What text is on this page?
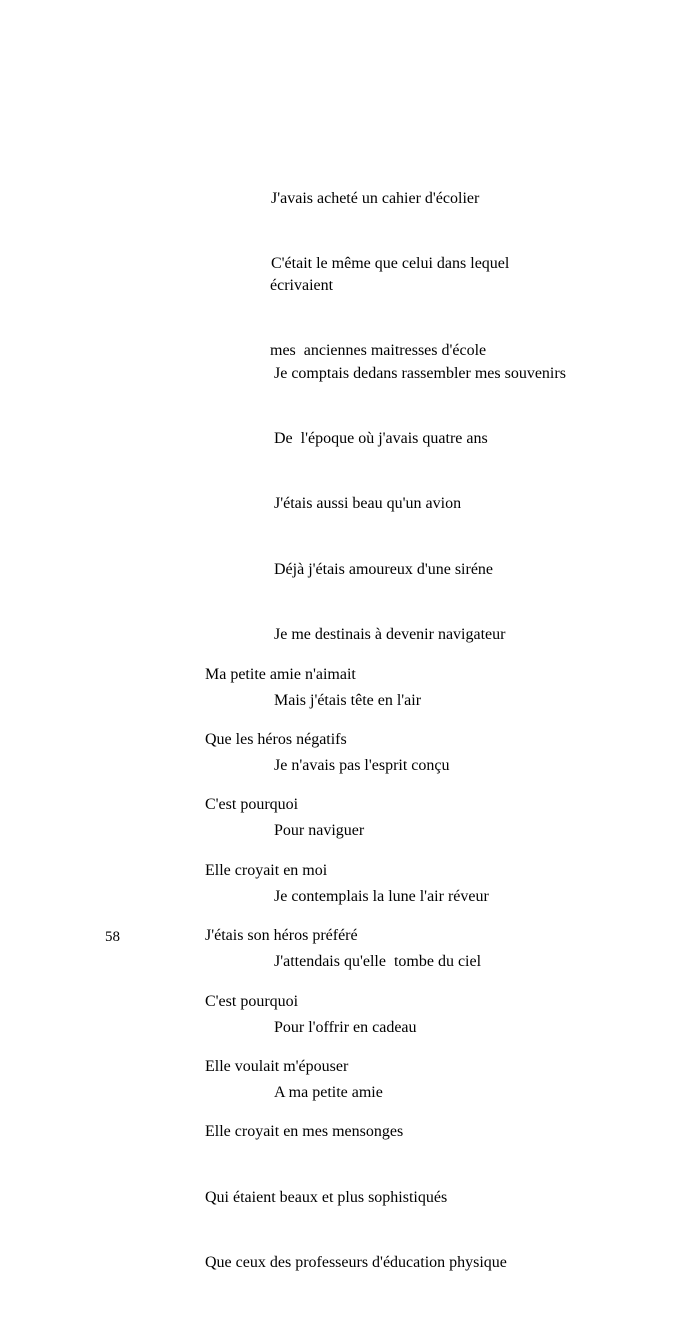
J'avais acheté un cahier d'écolier

C'était le même que celui dans lequel

écrivaient

mes  anciennes maitresses d'école

Je comptais dedans rassembler mes souvenirs

De  l'époque où j'avais quatre ans

J'étais aussi beau qu'un avion

Déjà j'étais amoureux d'une siréne

Je me destinais à devenir navigateur

Mais j'étais tête en l'air

Je n'avais pas l'esprit conçu

Pour naviguer

Je contemplais la lune l'air réveur

J'attendais qu'elle  tombe du ciel

Pour l'offrir en cadeau

A ma petite amie

Ma petite amie n'aimait

Que les héros négatifs

C'est pourquoi

Elle croyait en moi

J'étais son héros préféré

C'est pourquoi

Elle voulait m'épouser

Elle croyait en mes mensonges

Qui étaient beaux et plus sophistiqués

Que ceux des professeurs d'éducation physique

58
